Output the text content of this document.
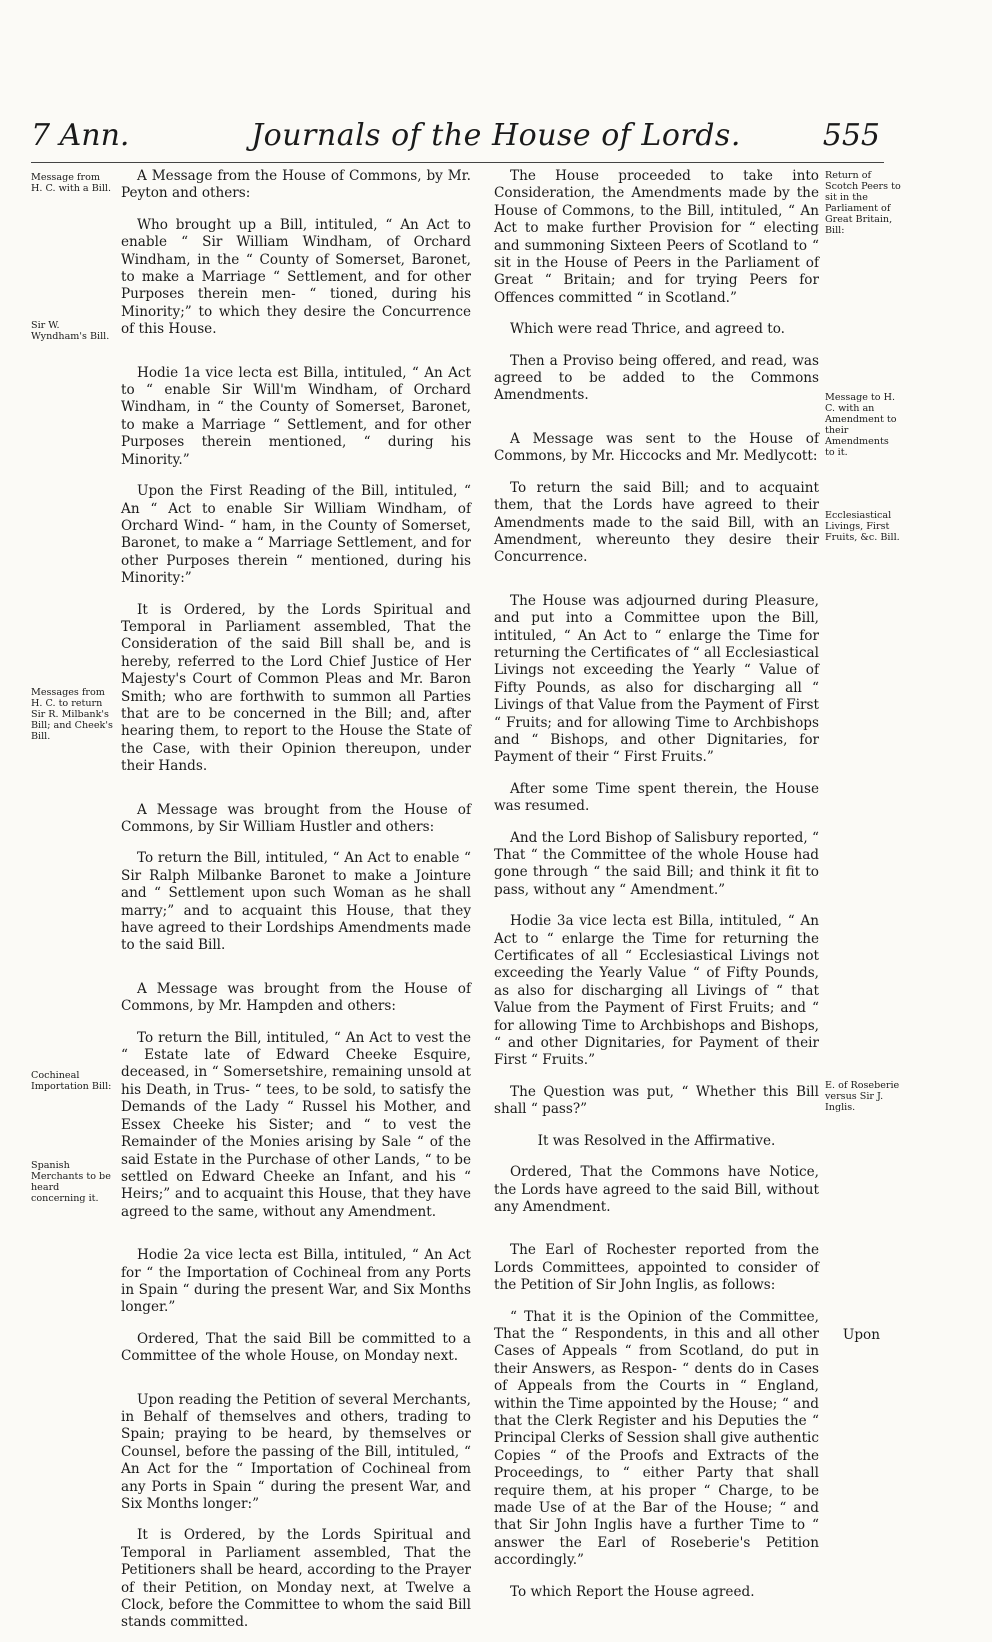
7 Ann.	Journals of the House of Lords.	555
Message from H. C. with a Bill.
Sir W. Wyndham's Bill.
Messages from H. C. to return Sir R. Milbank's Bill; and Cheek's Bill.
Cochineal Importation Bill:
Spanish Merchants to be heard concerning it.
Return of Scotch Peers to sit in the Parliament of Great Britain, Bill:
Message to H. C. with an Amendment to their Amendments to it.
Ecclesiastical Livings, First Fruits, &c. Bill.
E. of Roseberie versus Sir J. Inglis.

A Message from the House of Commons, by Mr. Peyton and others:

Who brought up a Bill, intituled, “ An Act to enable “ Sir William Windham, of Orchard Windham, in the “ County of Somerset, Baronet, to make a Marriage “ Settlement, and for other Purposes therein men- “ tioned, during his Minority;” to which they desire the Concurrence of this House.

Hodie 1a vice lecta est Billa, intituled, “ An Act to “ enable Sir Will'm Windham, of Orchard Windham, in “ the County of Somerset, Baronet, to make a Marriage “ Settlement, and for other Purposes therein mentioned, “ during his Minority.”

Upon the First Reading of the Bill, intituled, “ An “ Act to enable Sir William Windham, of Orchard Wind- “ ham, in the County of Somerset, Baronet, to make a “ Marriage Settlement, and for other Purposes therein “ mentioned, during his Minority:”

It is Ordered, by the Lords Spiritual and Temporal in Parliament assembled, That the Consideration of the said Bill shall be, and is hereby, referred to the Lord Chief Justice of Her Majesty's Court of Common Pleas and Mr. Baron Smith; who are forthwith to summon all Parties that are to be concerned in the Bill; and, after hearing them, to report to the House the State of the Case, with their Opinion thereupon, under their Hands.

A Message was brought from the House of Commons, by Sir William Hustler and others:

To return the Bill, intituled, “ An Act to enable “ Sir Ralph Milbanke Baronet to make a Jointure and “ Settlement upon such Woman as he shall marry;” and to acquaint this House, that they have agreed to their Lordships Amendments made to the said Bill.

A Message was brought from the House of Commons, by Mr. Hampden and others:

To return the Bill, intituled, “ An Act to vest the “ Estate late of Edward Cheeke Esquire, deceased, in “ Somersetshire, remaining unsold at his Death, in Trus- “ tees, to be sold, to satisfy the Demands of the Lady “ Russel his Mother, and Essex Cheeke his Sister; and “ to vest the Remainder of the Monies arising by Sale “ of the said Estate in the Purchase of other Lands, “ to be settled on Edward Cheeke an Infant, and his “ Heirs;” and to acquaint this House, that they have agreed to the same, without any Amendment.

Hodie 2a vice lecta est Billa, intituled, “ An Act for “ the Importation of Cochineal from any Ports in Spain “ during the present War, and Six Months longer.”

Ordered, That the said Bill be committed to a Committee of the whole House, on Monday next.

Upon reading the Petition of several Merchants, in Behalf of themselves and others, trading to Spain; praying to be heard, by themselves or Counsel, before the passing of the Bill, intituled, “ An Act for the “ Importation of Cochineal from any Ports in Spain “ during the present War, and Six Months longer:”

It is Ordered, by the Lords Spiritual and Temporal in Parliament assembled, That the Petitioners shall be heard, according to the Prayer of their Petition, on Monday next, at Twelve a Clock, before the Committee to whom the said Bill stands committed.

The House proceeded to take into Consideration, the Amendments made by the House of Commons, to the Bill, intituled, “ An Act to make further Provision for “ electing and summoning Sixteen Peers of Scotland to “ sit in the House of Peers in the Parliament of Great “ Britain; and for trying Peers for Offences committed “ in Scotland.”

Which were read Thrice, and agreed to.

Then a Proviso being offered, and read, was agreed to be added to the Commons Amendments.

A Message was sent to the House of Commons, by Mr. Hiccocks and Mr. Medlycott:

To return the said Bill; and to acquaint them, that the Lords have agreed to their Amendments made to the said Bill, with an Amendment, whereunto they desire their Concurrence.

The House was adjourned during Pleasure, and put into a Committee upon the Bill, intituled, “ An Act to “ enlarge the Time for returning the Certificates of “ all Ecclesiastical Livings not exceeding the Yearly “ Value of Fifty Pounds, as also for discharging all “ Livings of that Value from the Payment of First “ Fruits; and for allowing Time to Archbishops and “ Bishops, and other Dignitaries, for Payment of their “ First Fruits.”

After some Time spent therein, the House was resumed.

And the Lord Bishop of Salisbury reported, “ That “ the Committee of the whole House had gone through “ the said Bill; and think it fit to pass, without any “ Amendment.”

Hodie 3a vice lecta est Billa, intituled, “ An Act to “ enlarge the Time for returning the Certificates of all “ Ecclesiastical Livings not exceeding the Yearly Value “ of Fifty Pounds, as also for discharging all Livings of “ that Value from the Payment of First Fruits; and “ for allowing Time to Archbishops and Bishops, “ and other Dignitaries, for Payment of their First “ Fruits.”

The Question was put, “ Whether this Bill shall “ pass?”

It was Resolved in the Affirmative.

Ordered, That the Commons have Notice, the Lords have agreed to the said Bill, without any Amendment.

The Earl of Rochester reported from the Lords Committees, appointed to consider of the Petition of Sir John Inglis, as follows:

“ That it is the Opinion of the Committee, That the “ Respondents, in this and all other Cases of Appeals “ from Scotland, do put in their Answers, as Respon- “ dents do in Cases of Appeals from the Courts in “ England, within the Time appointed by the House; “ and that the Clerk Register and his Deputies the “ Principal Clerks of Session shall give authentic Copies “ of the Proofs and Extracts of the Proceedings, to “ either Party that shall require them, at his proper “ Charge, to be made Use of at the Bar of the House; “ and that Sir John Inglis have a further Time to “ answer the Earl of Roseberie's Petition accordingly.”

To which Report the House agreed.

Upon
